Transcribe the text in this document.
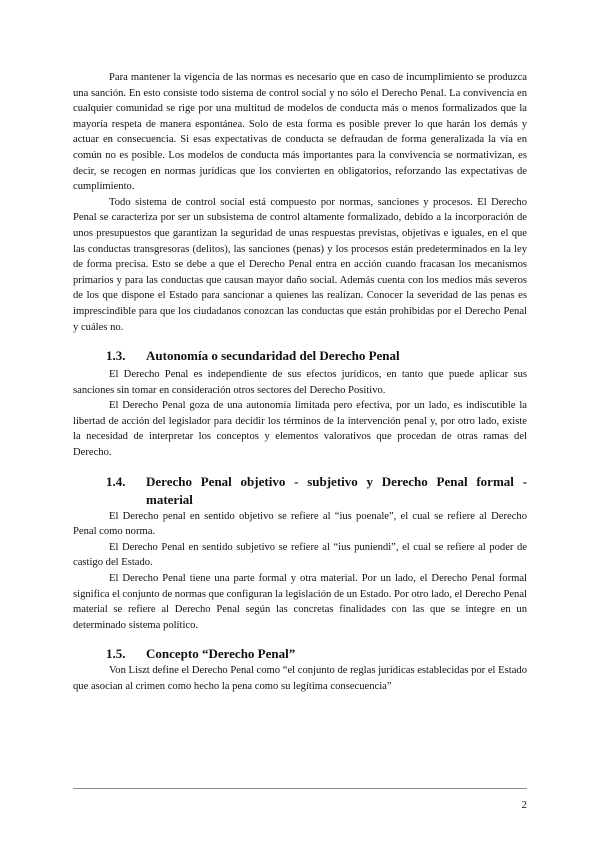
Para mantener la vigencia de las normas es necesario que en caso de incumplimiento se produzca una sanción. En esto consiste todo sistema de control social y no sólo el Derecho Penal. La convivencia en cualquier comunidad se rige por una multitud de modelos de conducta más o menos formalizados que la mayoría respeta de manera espontánea. Solo de esta forma es posible prever lo que harán los demás y actuar en consecuencia. Si esas expectativas de conducta se defraudan de forma generalizada la vía en común no es posible. Los modelos de conducta más importantes para la convivencia se normativizan, es decir, se recogen en normas jurídicas que los convierten en obligatorios, reforzando las expectativas de cumplimiento.

Todo sistema de control social está compuesto por normas, sanciones y procesos. El Derecho Penal se caracteriza por ser un subsistema de control altamente formalizado, debido a la incorporación de unos presupuestos que garantizan la seguridad de unas respuestas previstas, objetivas e iguales, en el que las conductas transgresoras (delitos), las sanciones (penas) y los procesos están predeterminados en la ley de forma precisa. Esto se debe a que el Derecho Penal entra en acción cuando fracasan los mecanismos primarios y para las conductas que causan mayor daño social. Además cuenta con los medios más severos de los que dispone el Estado para sancionar a quienes las realizan. Conocer la severidad de las penas es imprescindible para que los ciudadanos conozcan las conductas que están prohibidas por el Derecho Penal y cuáles no.

1.3.	Autonomía o secundaridad del Derecho Penal

El Derecho Penal es independiente de sus efectos jurídicos, en tanto que puede aplicar sus sanciones sin tomar en consideración otros sectores del Derecho Positivo.

El Derecho Penal goza de una autonomía limitada pero efectiva, por un lado, es indiscutible la libertad de acción del legislador para decidir los términos de la intervención penal y, por otro lado, existe la necesidad de interpretar los conceptos y elementos valorativos que procedan de otras ramas del Derecho.

1.4.	Derecho Penal objetivo - subjetivo y Derecho Penal formal - material

El Derecho penal en sentido objetivo se refiere al “ius poenale”, el cual se refiere al Derecho Penal como norma.

El Derecho Penal en sentido subjetivo se refiere al “ius puniendi”, el cual se refiere al poder de castigo del Estado.

El Derecho Penal tiene una parte formal y otra material. Por un lado, el Derecho Penal formal significa el conjunto de normas que configuran la legislación de un Estado. Por otro lado, el Derecho Penal material se refiere al Derecho Penal según las concretas finalidades con las que se integre en un determinado sistema político.

1.5.	Concepto “Derecho Penal”

Von Liszt define el Derecho Penal como “el conjunto de reglas jurídicas establecidas por el Estado que asocian al crimen como hecho la pena como su legítima consecuencia”

2
